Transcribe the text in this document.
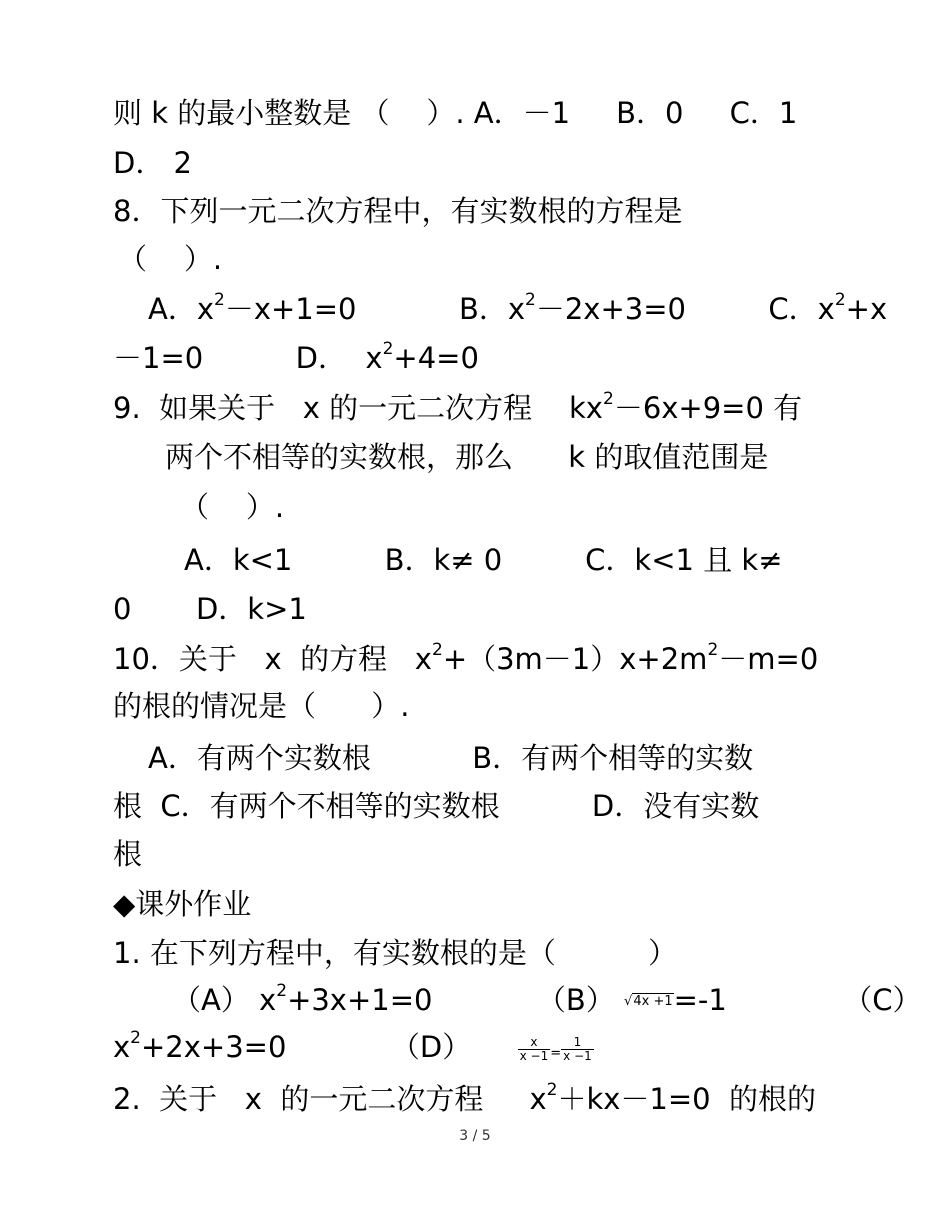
则 k 的最小整数是 （    ）. A．－1     B．0     C．1
D． 2
8．下列一元二次方程中，有实数根的方程是
（    ）.
A．$x^2-x+1=0$	B．$x^2-2x+3=0$	C．$x^2+x$
－1=0	D．  $x^2+4=0$
9.  如果关于   x 的一元二次方程    $kx^2-6x+9=0$ 有
两个不相等的实数根，那么      k 的取值范围是
（    ）.
A．k<1          B．k≠ 0         C．k<1 且 k≠
0       D．k>1
10．关于   x  的方程   $x^2+(3m-1)x+2m^2-m=0$
的根的情况是（      ）.
A．有两个实数根           B．有两个相等的实数
根  C．有两个不相等的实数根          D．没有实数
根
◆课外作业
1. 在下列方程中，有实数根的是（          ）
（A） $x^2+3x+1=0$	（B） √4x +1=-1	（C）
$x^2+2x+3=0$	（D）	$\frac{x}{x -1} = \frac{1}{x -1}$
2.  关于   x  的一元二次方程     $x^2+kx-1=0$  的根的
3 / 5
